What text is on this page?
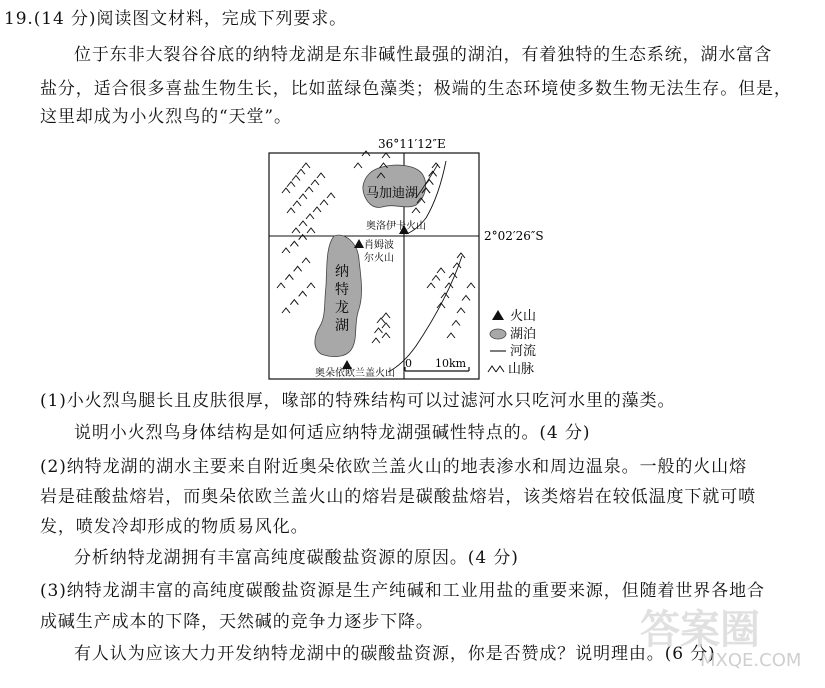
19.(14 分)阅读图文材料，完成下列要求。
位于东非大裂谷谷底的纳特龙湖是东非碱性最强的湖泊，有着独特的生态系统，湖水富含
盐分，适合很多喜盐生物生长，比如蓝绿色藻类；极端的生态环境使多数生物无法生存。但是，
这里却成为小火烈鸟的“天堂”。
36°11′12″E
2°02′26″S
马加迪湖
纳
特
龙
湖
奥洛伊卡火山
肖姆波
尔火山
奥朵依欧兰盖火山
0 10km
火山
湖泊
河流
山脉
(1)小火烈鸟腿长且皮肤很厚，喙部的特殊结构可以过滤河水只吃河水里的藻类。
说明小火烈鸟身体结构是如何适应纳特龙湖强碱性特点的。(4 分)
(2)纳特龙湖的湖水主要来自附近奥朵依欧兰盖火山的地表渗水和周边温泉。一般的火山熔
岩是硅酸盐熔岩，而奥朵依欧兰盖火山的熔岩是碳酸盐熔岩，该类熔岩在较低温度下就可喷
发，喷发冷却形成的物质易风化。
分析纳特龙湖拥有丰富高纯度碳酸盐资源的原因。(4 分)
(3)纳特龙湖丰富的高纯度碳酸盐资源是生产纯碱和工业用盐的重要来源，但随着世界各地合
成碱生产成本的下降，天然碱的竞争力逐步下降。
有人认为应该大力开发纳特龙湖中的碳酸盐资源，你是否赞成？说明理由。(6 分)
答案圈
MXQE.COM
